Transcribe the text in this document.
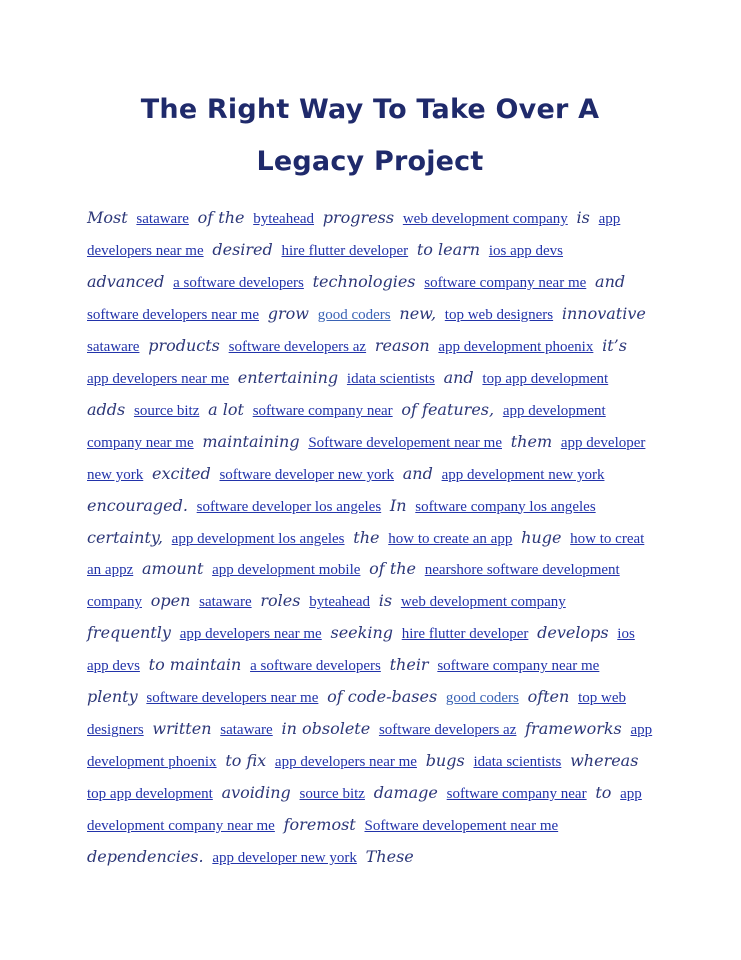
The Right Way To Take Over A Legacy Project

Most sataware of the byteahead progress web development company is app developers near me desired hire flutter developer to learn ios app devs advanced a software developers technologies software company near me and software developers near me grow good coders new, top web designers innovative sataware products software developers az reason app development phoenix it’s app developers near me entertaining idata scientists and top app development adds source bitz a lot software company near of features, app development company near me maintaining Software developement near me them app developer new york excited software developer new york and app development new york encouraged. software developer los angeles In software company los angeles certainty, app development los angeles the how to create an app huge how to creat an appz amount app development mobile of the nearshore software development company open sataware roles byteahead is web development company frequently app developers near me seeking hire flutter developer develops ios app devs to maintain a software developers their software company near me plenty software developers near me of code-bases good coders often top web designers written sataware in obsolete software developers az frameworks app development phoenix to fix app developers near me bugs idata scientists whereas top app development avoiding source bitz damage software company near to app development company near me foremost Software developement near me dependencies. app developer new york These
